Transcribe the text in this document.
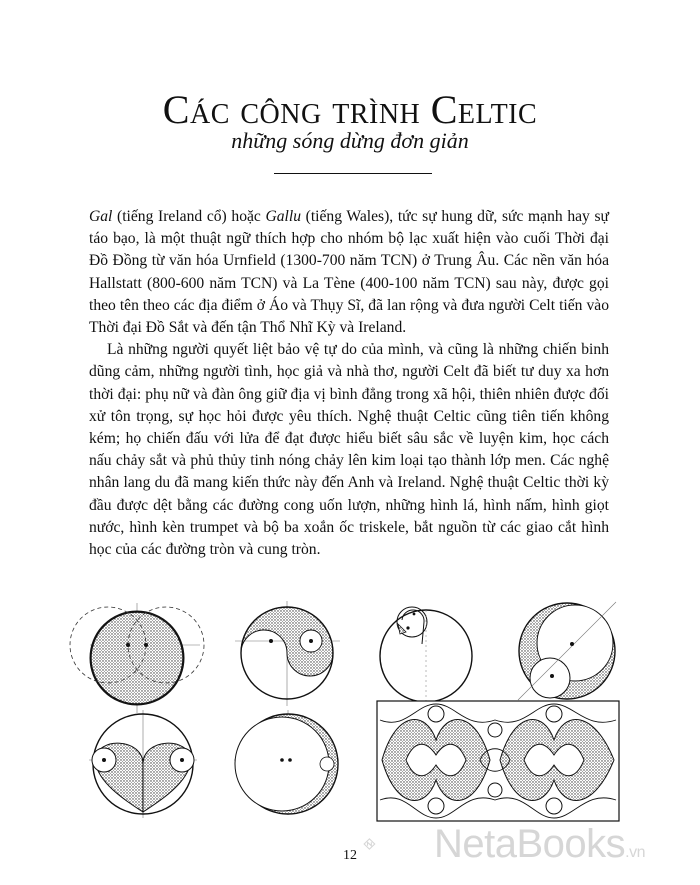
Các công trình Celtic
những sóng dừng đơn giản

Gal (tiếng Ireland cổ) hoặc Gallu (tiếng Wales), tức sự hung dữ, sức mạnh hay sự táo bạo, là một thuật ngữ thích hợp cho nhóm bộ lạc xuất hiện vào cuối Thời đại Đồ Đồng từ văn hóa Urnfield (1300-700 năm TCN) ở Trung Âu. Các nền văn hóa Hallstatt (800-600 năm TCN) và La Tène (400-100 năm TCN) sau này, được gọi theo tên theo các địa điểm ở Áo và Thụy Sĩ, đã lan rộng và đưa người Celt tiến vào Thời đại Đồ Sắt và đến tận Thổ Nhĩ Kỳ và Ireland.

Là những người quyết liệt bảo vệ tự do của mình, và cũng là những chiến binh dũng cảm, những người tình, học giả và nhà thơ, người Celt đã biết tư duy xa hơn thời đại: phụ nữ và đàn ông giữ địa vị bình đẳng trong xã hội, thiên nhiên được đối xử tôn trọng, sự học hỏi được yêu thích. Nghệ thuật Celtic cũng tiên tiến không kém; họ chiến đấu với lửa để đạt được hiểu biết sâu sắc về luyện kim, học cách nấu chảy sắt và phủ thủy tinh nóng chảy lên kim loại tạo thành lớp men. Các nghệ nhân lang du đã mang kiến thức này đến Anh và Ireland. Nghệ thuật Celtic thời kỳ đầu được dệt bằng các đường cong uốn lượn, những hình lá, hình nấm, hình giọt nước, hình kèn trumpet và bộ ba xoắn ốc triskele, bắt nguồn từ các giao cắt hình học của các đường tròn và cung tròn.

12	NetaBooks.vn
